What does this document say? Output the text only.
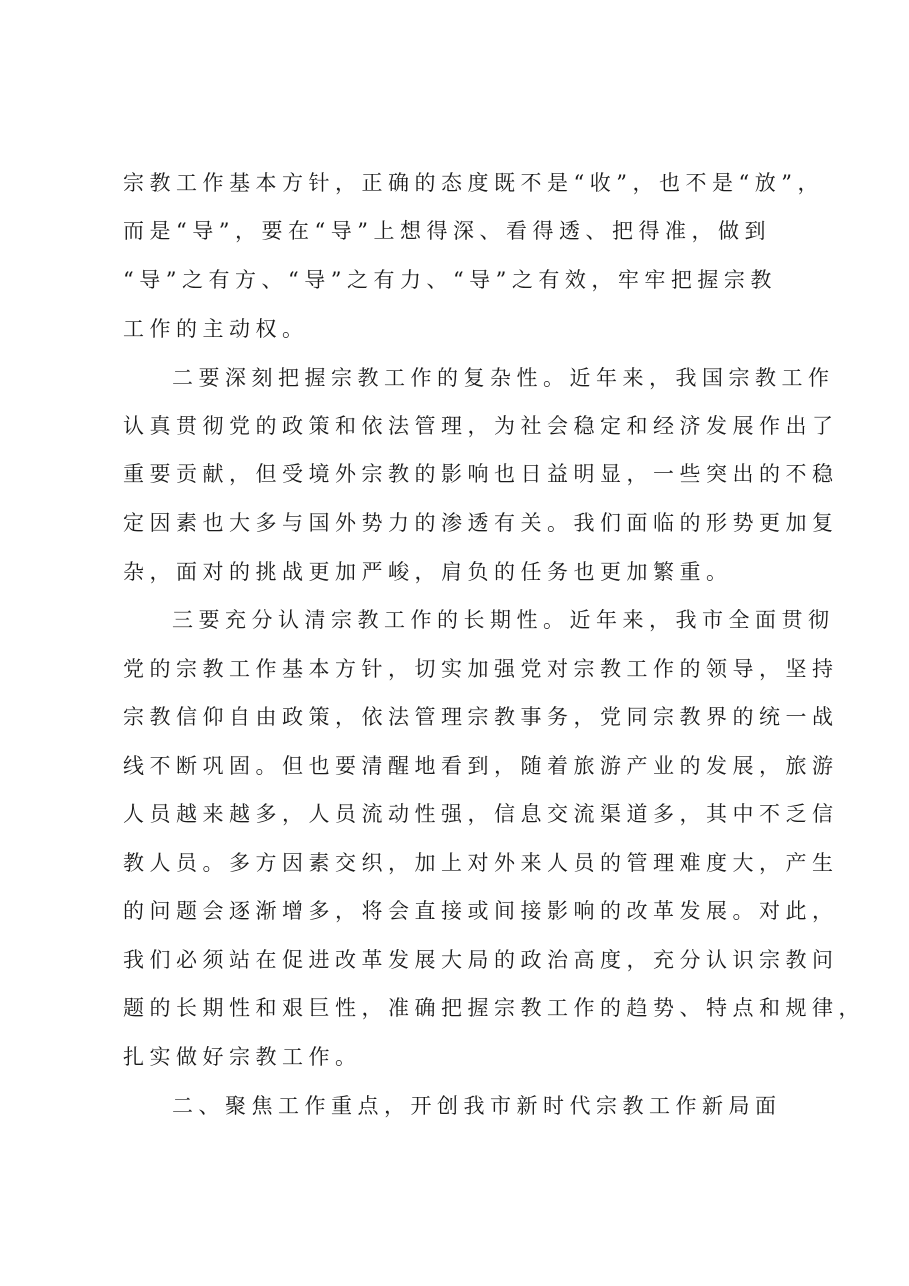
宗教工作基本方针，正确的态度既不是“收”，也不是“放”，
而是“导”，要在“导”上想得深、看得透、把得准，做到
“导”之有方、“导”之有力、“导”之有效，牢牢把握宗教
工作的主动权。
二要深刻把握宗教工作的复杂性。近年来，我国宗教工作
认真贯彻党的政策和依法管理，为社会稳定和经济发展作出了
重要贡献，但受境外宗教的影响也日益明显，一些突出的不稳
定因素也大多与国外势力的渗透有关。我们面临的形势更加复
杂，面对的挑战更加严峻，肩负的任务也更加繁重。
三要充分认清宗教工作的长期性。近年来，我市全面贯彻
党的宗教工作基本方针，切实加强党对宗教工作的领导，坚持
宗教信仰自由政策，依法管理宗教事务，党同宗教界的统一战
线不断巩固。但也要清醒地看到，随着旅游产业的发展，旅游
人员越来越多，人员流动性强，信息交流渠道多，其中不乏信
教人员。多方因素交织，加上对外来人员的管理难度大，产生
的问题会逐渐增多，将会直接或间接影响的改革发展。对此，
我们必须站在促进改革发展大局的政治高度，充分认识宗教问
题的长期性和艰巨性，准确把握宗教工作的趋势、特点和规律，
扎实做好宗教工作。
二、聚焦工作重点，开创我市新时代宗教工作新局面
